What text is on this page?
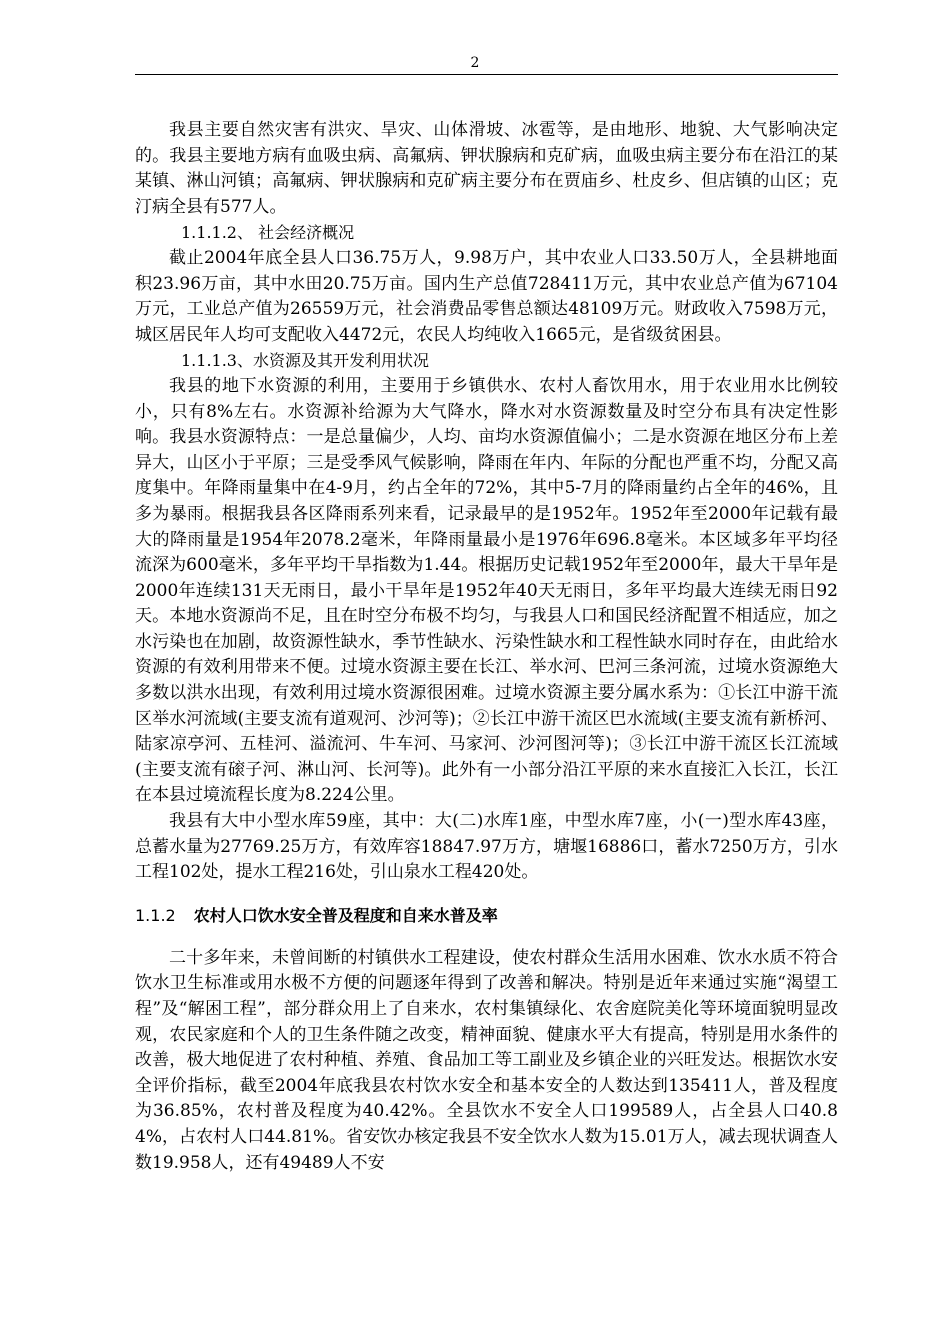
2

我县主要自然灾害有洪灾、旱灾、山体滑坡、冰雹等，是由地形、地貌、大气影响决定的。我县主要地方病有血吸虫病、高氟病、钾状腺病和克矿病，血吸虫病主要分布在沿江的某某镇、淋山河镇；高氟病、钾状腺病和克矿病主要分布在贾庙乡、杜皮乡、但店镇的山区；克汀病全县有577人。

1.1.1.2、 社会经济概况

截止2004年底全县人口36.75万人，9.98万户，其中农业人口33.50万人，全县耕地面积23.96万亩，其中水田20.75万亩。国内生产总值728411万元，其中农业总产值为67104万元，工业总产值为26559万元，社会消费品零售总额达48109万元。财政收入7598万元，城区居民年人均可支配收入4472元，农民人均纯收入1665元，是省级贫困县。

1.1.1.3、水资源及其开发利用状况

我县的地下水资源的利用，主要用于乡镇供水、农村人畜饮用水，用于农业用水比例较小，只有8%左右。水资源补给源为大气降水，降水对水资源数量及时空分布具有决定性影响。我县水资源特点：一是总量偏少，人均、亩均水资源值偏小；二是水资源在地区分布上差异大，山区小于平原；三是受季风气候影响，降雨在年内、年际的分配也严重不均，分配又高度集中。年降雨量集中在4-9月，约占全年的72%，其中5-7月的降雨量约占全年的46%，且多为暴雨。根据我县各区降雨系列来看，记录最早的是1952年。1952年至2000年记载有最大的降雨量是1954年2078.2毫米，年降雨量最小是1976年696.8毫米。本区域多年平均径流深为600毫米，多年平均干旱指数为1.44。根据历史记载1952年至2000年，最大干旱年是2000年连续131天无雨日，最小干旱年是1952年40天无雨日，多年平均最大连续无雨日92天。本地水资源尚不足，且在时空分布极不均匀，与我县人口和国民经济配置不相适应，加之水污染也在加剧，故资源性缺水，季节性缺水、污染性缺水和工程性缺水同时存在，由此给水资源的有效利用带来不便。过境水资源主要在长江、举水河、巴河三条河流，过境水资源绝大多数以洪水出现，有效利用过境水资源很困难。过境水资源主要分属水系为：①长江中游干流区举水河流域(主要支流有道观河、沙河等)；②长江中游干流区巴水流域(主要支流有新桥河、陆家凉亭河、五桂河、溢流河、牛车河、马家河、沙河图河等)；③长江中游干流区长江流域(主要支流有磙子河、淋山河、长河等)。此外有一小部分沿江平原的来水直接汇入长江，长江在本县过境流程长度为8.224公里。

我县有大中小型水库59座，其中：大(二)水库1座，中型水库7座，小(一)型水库43座，总蓄水量为27769.25万方，有效库容18847.97万方，塘堰16886口，蓄水7250万方，引水工程102处，提水工程216处，引山泉水工程420处。

1.1.2 农村人口饮水安全普及程度和自来水普及率

二十多年来，未曾间断的村镇供水工程建设，使农村群众生活用水困难、饮水水质不符合饮水卫生标准或用水极不方便的问题逐年得到了改善和解决。特别是近年来通过实施“渴望工程”及“解困工程”，部分群众用上了自来水，农村集镇绿化、农舍庭院美化等环境面貌明显改观，农民家庭和个人的卫生条件随之改变，精神面貌、健康水平大有提高，特别是用水条件的改善，极大地促进了农村种植、养殖、食品加工等工副业及乡镇企业的兴旺发达。根据饮水安全评价指标，截至2004年底我县农村饮水安全和基本安全的人数达到135411人，普及程度为36.85%，农村普及程度为40.42%。全县饮水不安全人口199589人，占全县人口40.84%，占农村人口44.81%。省安饮办核定我县不安全饮水人数为15.01万人，减去现状调查人数19.958人，还有49489人不安
